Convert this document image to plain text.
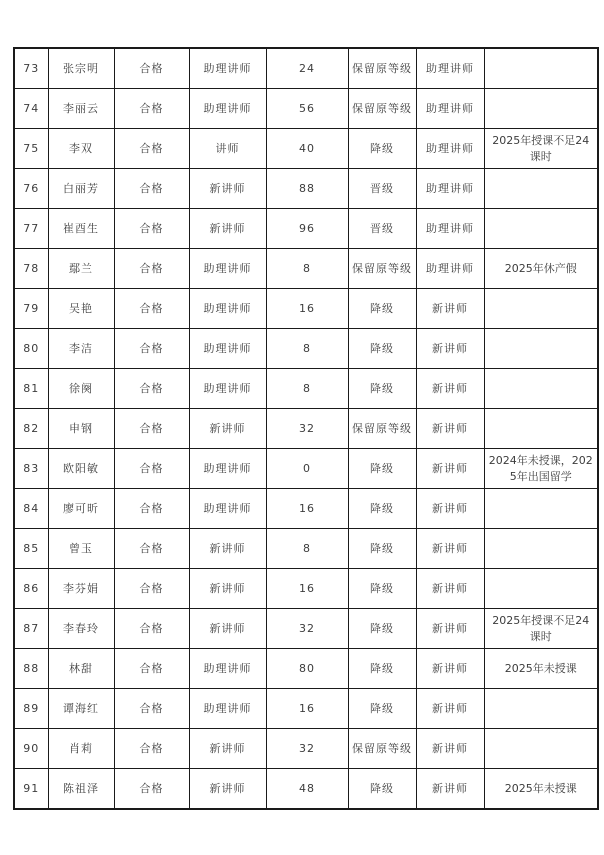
73	张宗明	合格	助理讲师	24	保留原等级	助理讲师	
74	李丽云	合格	助理讲师	56	保留原等级	助理讲师	
75	李双	合格	讲师	40	降级	助理讲师	2025年授课不足24课时
76	白丽芳	合格	新讲师	88	晋级	助理讲师	
77	崔酉生	合格	新讲师	96	晋级	助理讲师	
78	鄢兰	合格	助理讲师	8	保留原等级	助理讲师	2025年休产假
79	吴艳	合格	助理讲师	16	降级	新讲师	
80	李洁	合格	助理讲师	8	降级	新讲师	
81	徐阕	合格	助理讲师	8	降级	新讲师	
82	申钢	合格	新讲师	32	保留原等级	新讲师	
83	欧阳敏	合格	助理讲师	0	降级	新讲师	2024年未授课，2025年出国留学
84	廖可昕	合格	助理讲师	16	降级	新讲师	
85	曾玉	合格	新讲师	8	降级	新讲师	
86	李芬娟	合格	新讲师	16	降级	新讲师	
87	李春玲	合格	新讲师	32	降级	新讲师	2025年授课不足24课时
88	林甜	合格	助理讲师	80	降级	新讲师	2025年未授课
89	谭海红	合格	助理讲师	16	降级	新讲师	
90	肖莉	合格	新讲师	32	保留原等级	新讲师	
91	陈祖泽	合格	新讲师	48	降级	新讲师	2025年未授课
